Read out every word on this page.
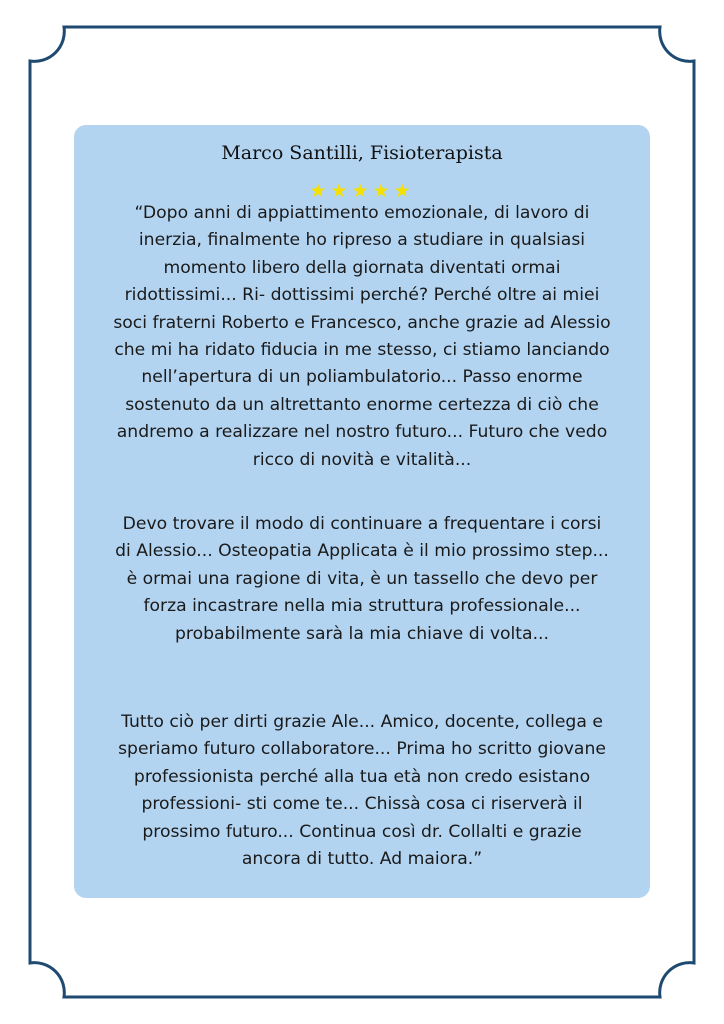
Marco Santilli, Fisioterapista
★★★★★
“Dopo anni di appiattimento emozionale, di lavoro di
inerzia, finalmente ho ripreso a studiare in qualsiasi
momento libero della giornata diventati ormai
ridottissimi... Ri- dottissimi perché? Perché oltre ai miei
soci fraterni Roberto e Francesco, anche grazie ad Alessio
che mi ha ridato fiducia in me stesso, ci stiamo lanciando
nell’apertura di un poliambulatorio... Passo enorme
sostenuto da un altrettanto enorme certezza di ciò che
andremo a realizzare nel nostro futuro... Futuro che vedo
ricco di novità e vitalità...
Devo trovare il modo di continuare a frequentare i corsi
di Alessio... Osteopatia Applicata è il mio prossimo step...
è ormai una ragione di vita, è un tassello che devo per
forza incastrare nella mia struttura professionale...
probabilmente sarà la mia chiave di volta...
Tutto ciò per dirti grazie Ale... Amico, docente, collega e
speriamo futuro collaboratore... Prima ho scritto giovane
professionista perché alla tua età non credo esistano
professioni- sti come te... Chissà cosa ci riserverà il
prossimo futuro... Continua così dr. Collalti e grazie
ancora di tutto. Ad maiora.”
